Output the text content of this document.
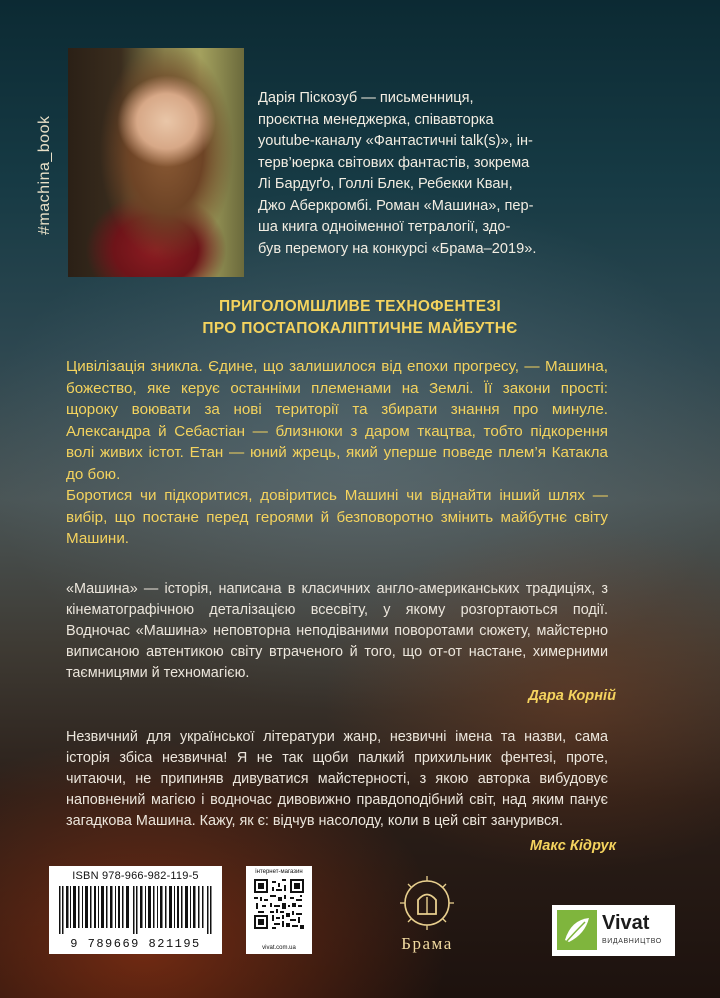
#machina_book
Дарія Піскозуб — письменниця,
проєктна менеджерка, співавторка
youtube-каналу «Фантастичні talk(s)», ін-
терв’юерка світових фантастів, зокрема
Лі Бардуґо, Голлі Блек, Ребекки Кван,
Джо Аберкромбі. Роман «Машина», пер-
ша книга одноіменної тетралогії, здо-
був перемогу на конкурсі «Брама–2019».
ПРИГОЛОМШЛИВЕ ТЕХНОФЕНТЕЗІ
ПРО ПОСТАПОКАЛІПТИЧНЕ МАЙБУТНЄ

Цивілізація зникла. Єдине, що залишилося від епохи прогресу, — Машина, божество, яке керує останніми племенами на Землі. Її закони прості: щороку воювати за нові території та збирати знання про минуле. Александра й Себастіан — близнюки з даром ткацтва, тобто підкорення волі живих істот. Етан — юний жрець, який уперше поведе плем’я Катакла до бою.

Боротися чи підкоритися, довіритись Машині чи віднайти інший шлях — вибір, що постане перед героями й безповоротно змінить майбутнє світу Машини.

«Машина» — історія, написана в класичних англо-американських традиціях, з кінематографічною деталізацією всесвіту, у якому розгортаються події. Водночас «Машина» неповторна неподіваними поворотами сюжету, майстерно виписаною автентикою світу втраченого й того, що от-от настане, химерними таємницями й техномагією.

Дара Корній

Незвичний для української літератури жанр, незвичні імена та назви, сама історія збіса незвична! Я не так щоби палкий прихильник фентезі, проте, читаючи, не припиняв дивуватися майстерності, з якою авторка вибудовує наповнений магією і водночас дивовижно правдоподібний світ, над яким панує загадкова Машина. Кажу, як є: відчув насолоду, коли в цей світ занурився.

Макс Кідрук
ISBN 978-966-982-119-5
9 789669 821195
інтернет-магазин
vivat.com.ua	Брама
Vivat
ВИДАВНИЦТВО
